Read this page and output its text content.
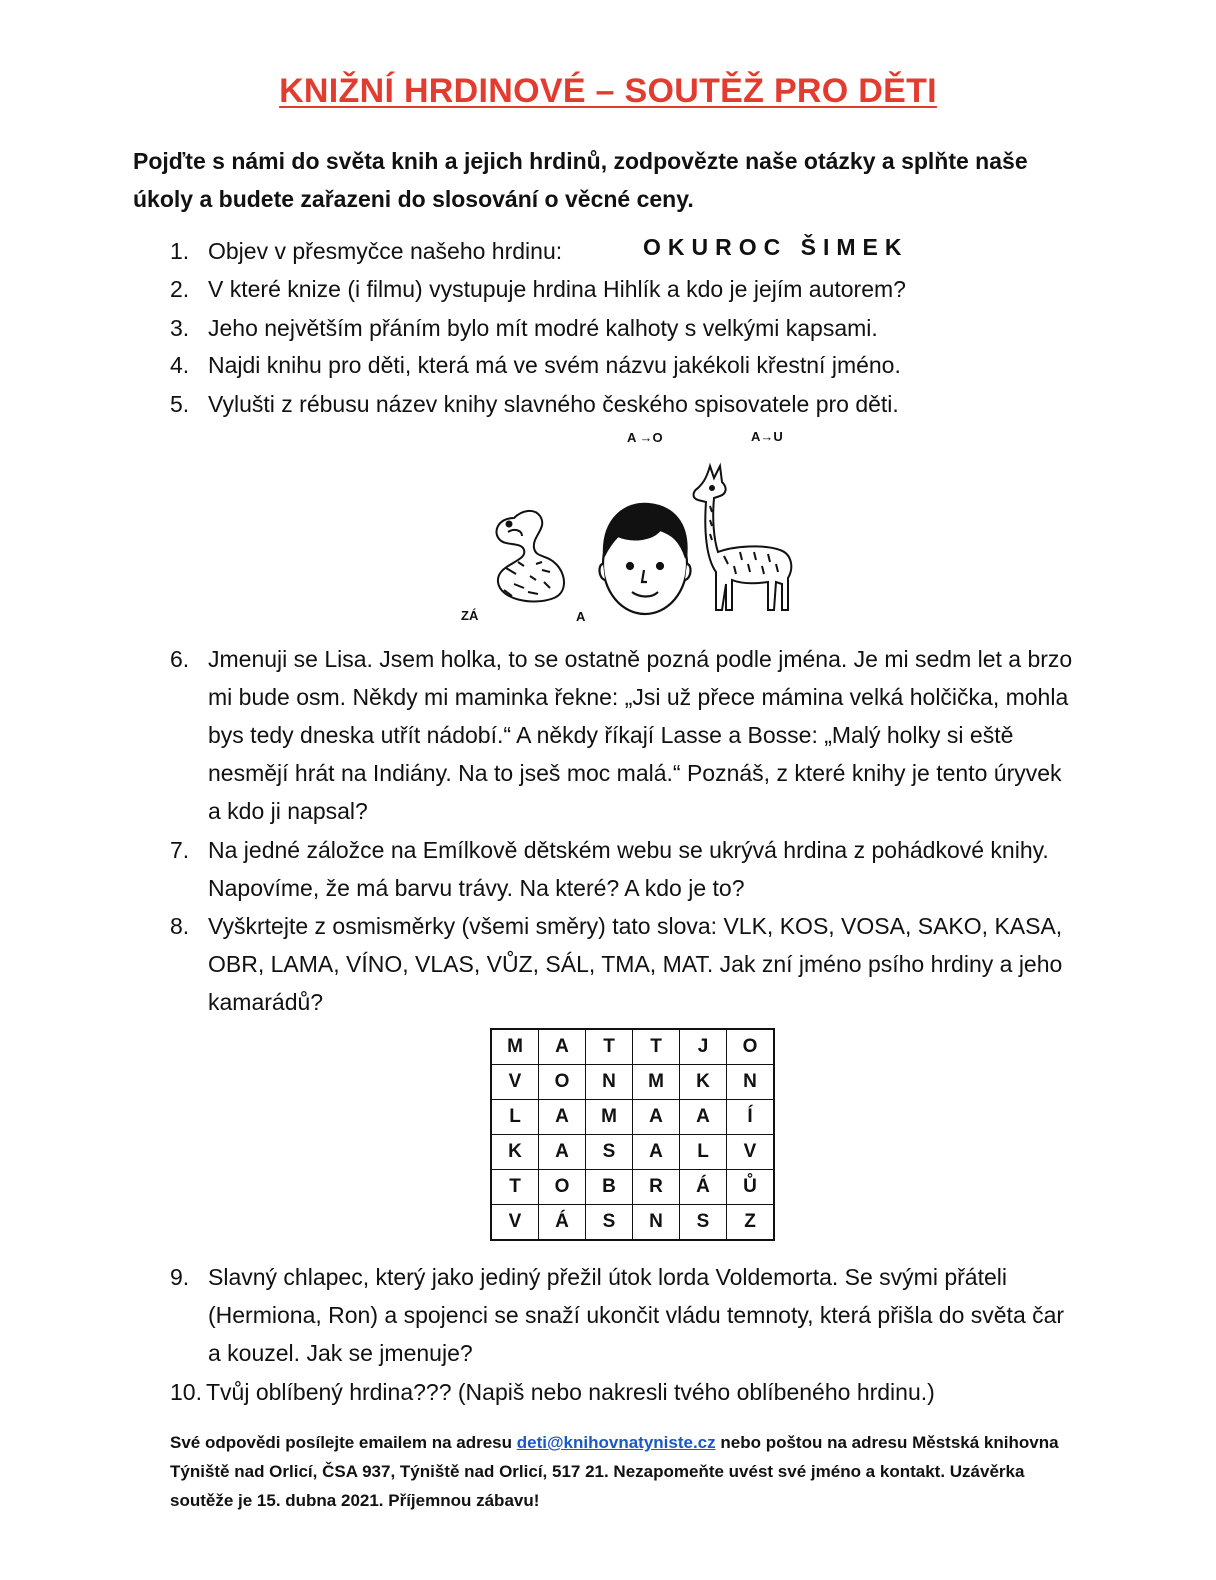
KNIŽNÍ HRDINOVÉ – SOUTĚŽ PRO DĚTI
Pojďte s námi do světa knih a jejich hrdinů, zodpovězte naše otázky a splňte naše úkoly a budete zařazeni do slosování o věcné ceny.
1. Objev v přesmyčce našeho hrdinu:	OKUROC ŠIMEK
2. V které knize (i filmu) vystupuje hrdina Hihlík a kdo je jejím autorem?
3. Jeho největším přáním bylo mít modré kalhoty s velkými kapsami.
4. Najdi knihu pro děti, která má ve svém názvu jakékoli křestní jméno.
5. Vylušti z rébusu název knihy slavného českého spisovatele pro děti.
A →O	A→U
ZÁ	A
6. Jmenuji se Lisa. Jsem holka, to se ostatně pozná podle jména. Je mi sedm let a brzo mi bude osm. Někdy mi maminka řekne: „Jsi už přece mámina velká holčička, mohla bys tedy dneska utřít nádobí.“ A někdy říkají Lasse a Bosse: „Malý holky si eště nesmějí hrát na Indiány. Na to jseš moc malá.“ Poznáš, z které knihy je tento úryvek a kdo ji napsal?
7. Na jedné záložce na Emílkově dětském webu se ukrývá hrdina z pohádkové knihy. Napovíme, že má barvu trávy. Na které? A kdo je to?
8. Vyškrtejte z osmisměrky (všemi směry) tato slova: VLK, KOS, VOSA, SAKO, KASA, OBR, LAMA, VÍNO, VLAS, VŮZ, SÁL, TMA, MAT. Jak zní jméno psího hrdiny a jeho kamarádů?
M	A	T	T	J	O
V	O	N	M	K	N
L	A	M	A	A	Í
K	A	S	A	L	V
T	O	B	R	Á	Ů
V	Á	S	N	S	Z
9. Slavný chlapec, který jako jediný přežil útok lorda Voldemorta. Se svými přáteli (Hermiona, Ron) a spojenci se snaží ukončit vládu temnoty, která přišla do světa čar a kouzel. Jak se jmenuje?
10. Tvůj oblíbený hrdina??? (Napiš nebo nakresli tvého oblíbeného hrdinu.)
Své odpovědi posílejte emailem na adresu deti@knihovnatyniste.cz nebo poštou na adresu Městská knihovna Týniště nad Orlicí, ČSA 937, Týniště nad Orlicí, 517 21. Nezapomeňte uvést své jméno a kontakt. Uzávěrka soutěže je 15. dubna 2021. Příjemnou zábavu!
